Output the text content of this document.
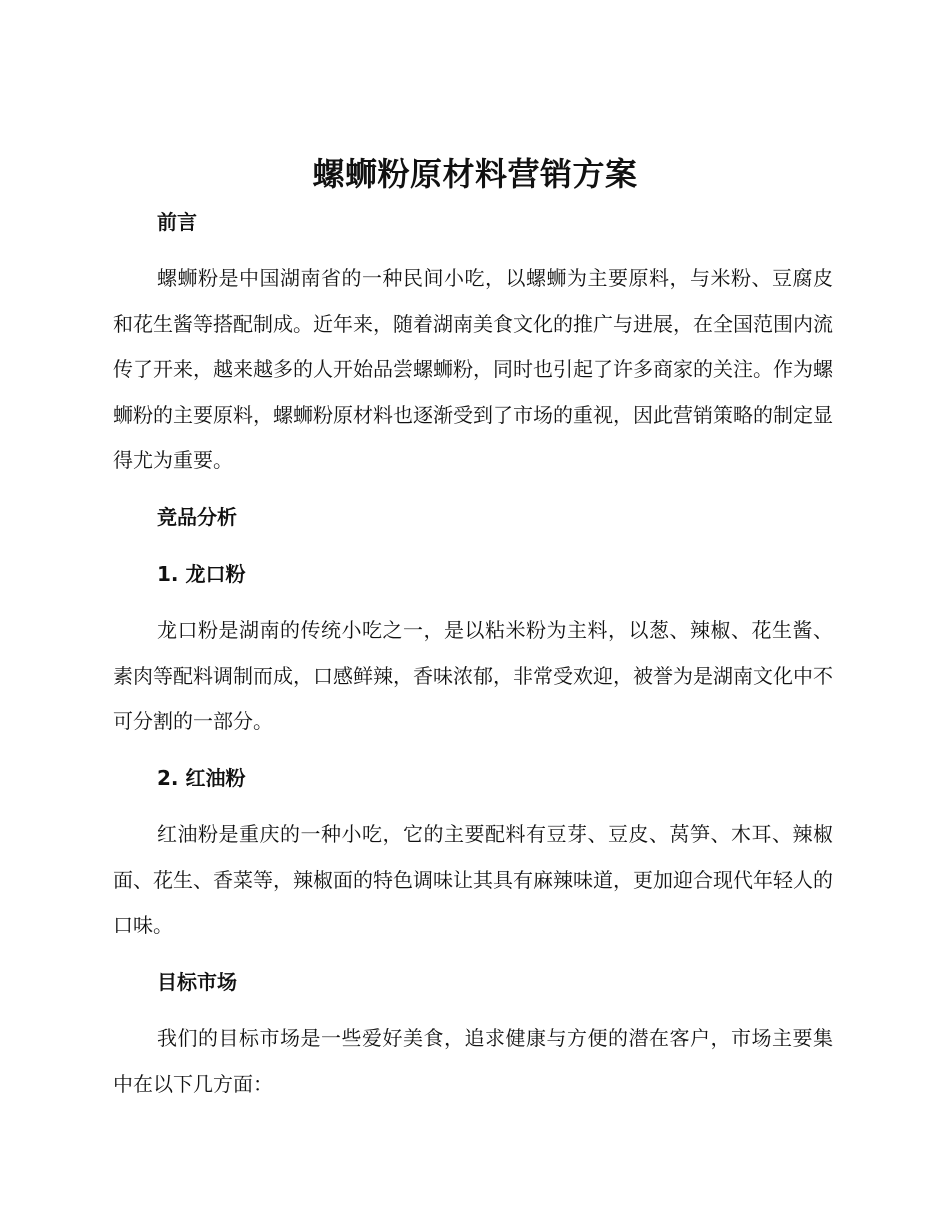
螺蛳粉原材料营销方案
前言
螺蛳粉是中国湖南省的一种民间小吃，以螺蛳为主要原料，与米粉、豆腐皮和花生酱等搭配制成。近年来，随着湖南美食文化的推广与进展，在全国范围内流传了开来，越来越多的人开始品尝螺蛳粉，同时也引起了许多商家的关注。作为螺蛳粉的主要原料，螺蛳粉原材料也逐渐受到了市场的重视，因此营销策略的制定显得尤为重要。
竞品分析
1. 龙口粉
龙口粉是湖南的传统小吃之一，是以粘米粉为主料，以葱、辣椒、花生酱、素肉等配料调制而成，口感鲜辣，香味浓郁，非常受欢迎，被誉为是湖南文化中不可分割的一部分。
2. 红油粉
红油粉是重庆的一种小吃，它的主要配料有豆芽、豆皮、莴笋、木耳、辣椒面、花生、香菜等，辣椒面的特色调味让其具有麻辣味道，更加迎合现代年轻人的口味。
目标市场
我们的目标市场是一些爱好美食，追求健康与方便的潜在客户，市场主要集中在以下几方面：
